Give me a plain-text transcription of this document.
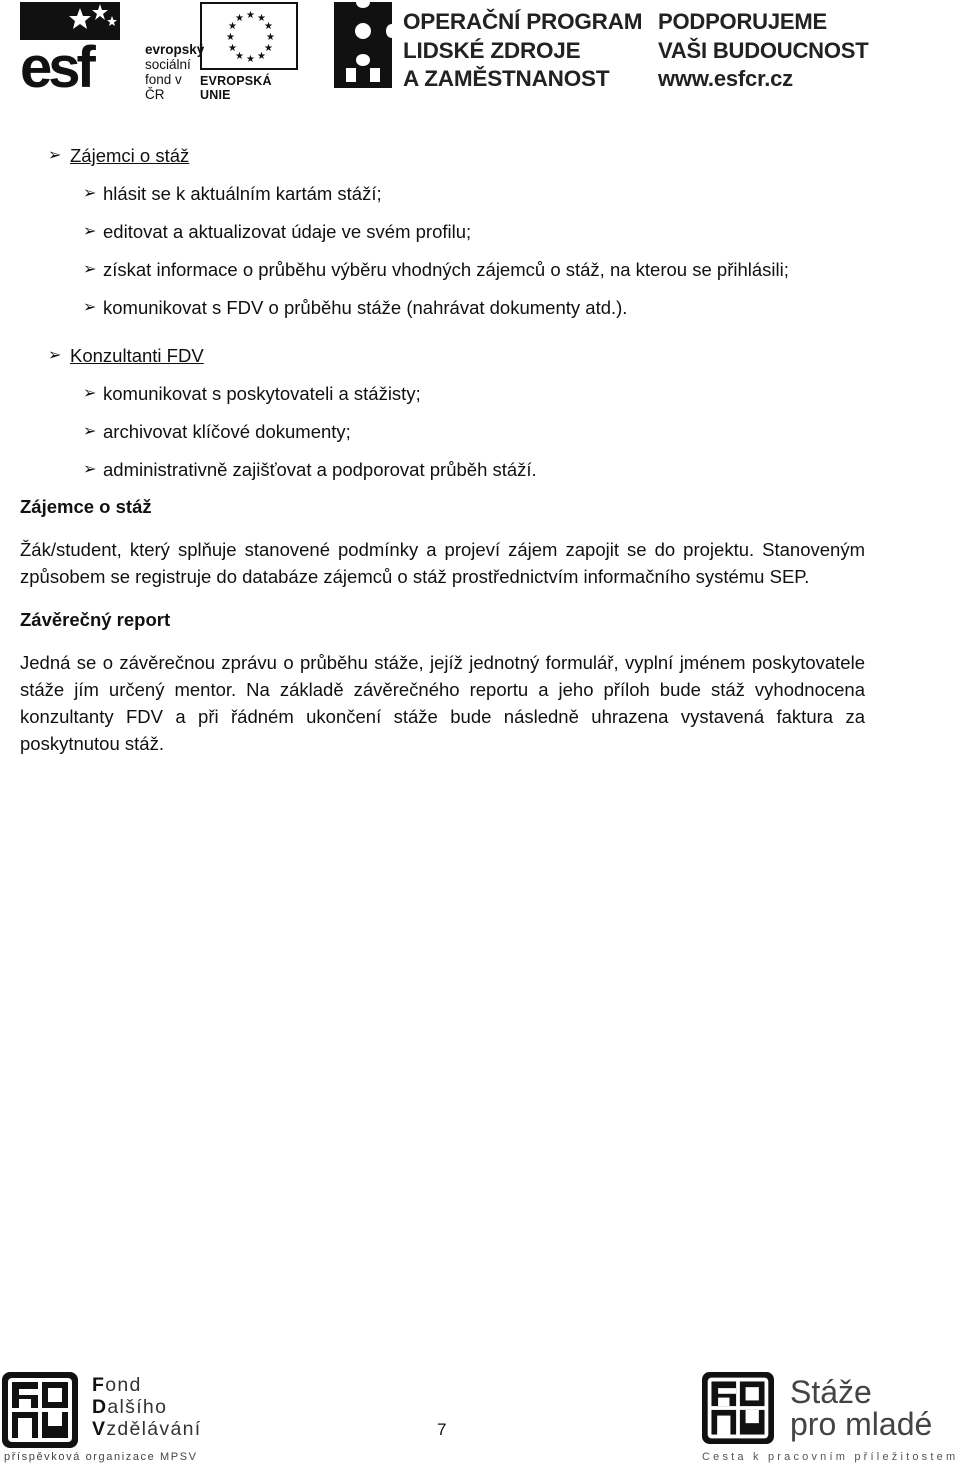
esf	evropský
sociální
fond v ČR
★ ★
★
★
★
★
★
★
★
★
★
★
EVROPSKÁ UNIE
OPERAČNÍ PROGRAM
LIDSKÉ ZDROJE
A ZAMĚSTNANOST
PODPORUJEME
VAŠI BUDOUCNOST
www.esfcr.cz
➢ Zájemci o stáž
➢ hlásit se k aktuálním kartám stáží;
➢ editovat a aktualizovat údaje ve svém profilu;
➢ získat informace o průběhu výběru vhodných zájemců o stáž, na kterou se přihlásili;
➢ komunikovat s FDV o průběhu stáže (nahrávat dokumenty atd.).
➢ Konzultanti FDV
➢ komunikovat s poskytovateli a stážisty;
➢ archivovat klíčové dokumenty;
➢ administrativně zajišťovat a podporovat průběh stáží.
Zájemce o stáž
Žák/student, který splňuje stanovené podmínky a projeví zájem zapojit se do projektu. Stanoveným způsobem se registruje do databáze zájemců o stáž prostřednictvím informačního systému SEP.
Závěrečný report
Jedná se o závěrečnou zprávu o průběhu stáže, jejíž jednotný formulář, vyplní jménem poskytovatele stáže jím určený mentor. Na základě závěrečného reportu a jeho příloh bude stáž vyhodnocena konzultanty FDV a při řádném ukončení stáže bude následně uhrazena vystavená faktura za poskytnutou stáž.
Fond
Dalšího
Vzdělávání
příspěvková organizace MPSV
7
Stáže
pro mladé
Cesta k pracovním příležitostem
